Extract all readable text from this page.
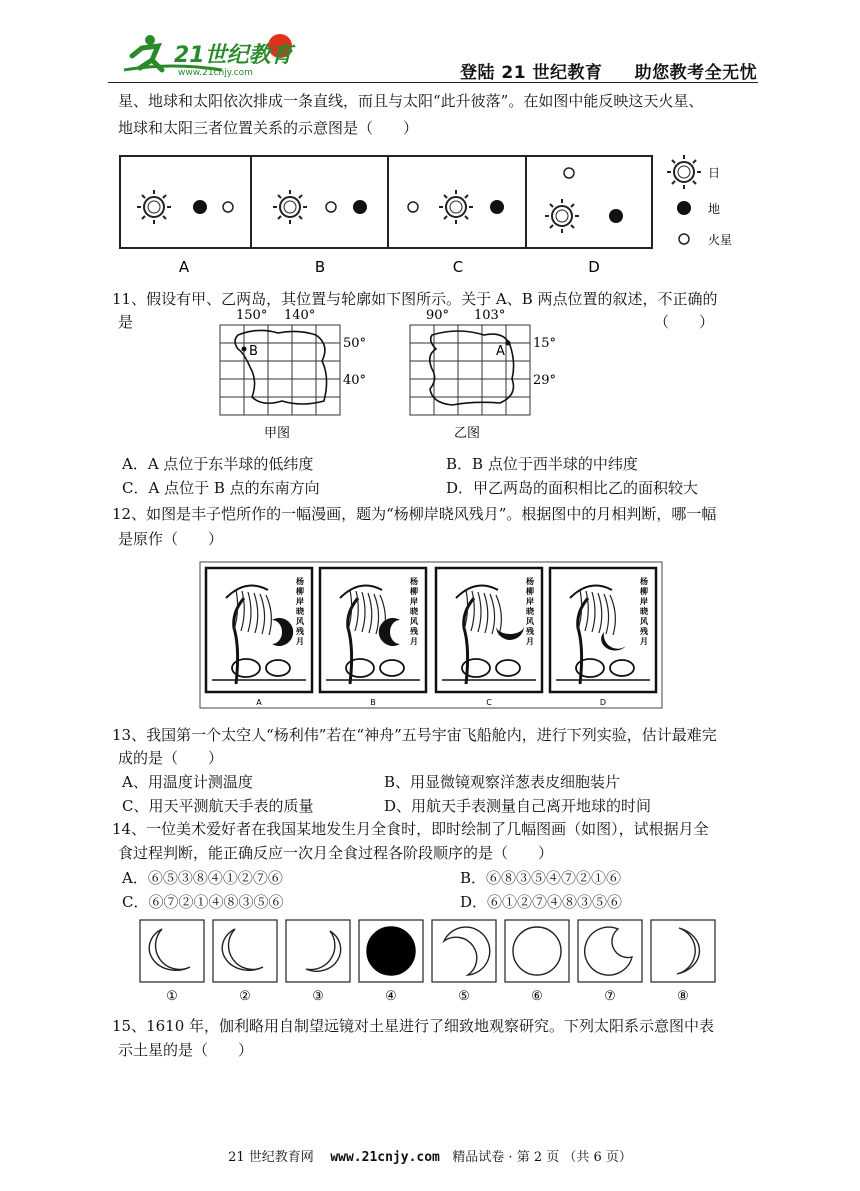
21世纪教育
www.21cnjy.com	登陆 21 世纪教育     助您教考全无忧
星、地球和太阳依次排成一条直线，而且与太阳“此升彼落”。在如图中能反映这天火星、
地球和太阳三者位置关系的示意图是（　　）
日
地
火星
A	B	C	D
11、假设有甲、乙两岛，其位置与轮廓如下图所示。关于 A、B 两点位置的叙述，不正确的
是	（　　）
150° 140°
B
50°
40°
甲图
90° 103°
A
15°
29°
乙图
A．A 点位于东半球的低纬度	B．B 点位于西半球的中纬度
C．A 点位于 B 点的东南方向	D．甲乙两岛的面积相比乙的面积较大
12、如图是丰子恺所作的一幅漫画，题为“杨柳岸晓风残月”。根据图中的月相判断，哪一幅
是原作（　　）
杨
柳
岸
晓
风
残
月
A
杨
柳
岸
晓
风
残
月
B
杨
柳
岸
晓
风
残
月
C
杨
柳
岸
晓
风
残
月
D
13、我国第一个太空人“杨利伟”若在“神舟”五号宇宙飞船舱内，进行下列实验，估计最难完
成的是（　　）
A、用温度计测温度	B、用显微镜观察洋葱表皮细胞装片
C、用天平测航天手表的质量	D、用航天手表测量自己离开地球的时间
14、一位美术爱好者在我国某地发生月全食时，即时绘制了几幅图画（如图），试根据月全
食过程判断，能正确反应一次月全食过程各阶段顺序的是（　　）
A．⑥⑤③⑧④①②⑦⑥	B．⑥⑧③⑤④⑦②①⑥
C．⑥⑦②①④⑧③⑤⑥	D．⑥①②⑦④⑧③⑤⑥
①	②	③	④	⑤	⑥	⑦	⑧
15、1610 年，伽利略用自制望远镜对土星进行了细致地观察研究。下列太阳系示意图中表
示土星的是（　　）
21 世纪教育网 www.21cnjy.com 精品试卷 · 第 2 页 （共 6 页）
